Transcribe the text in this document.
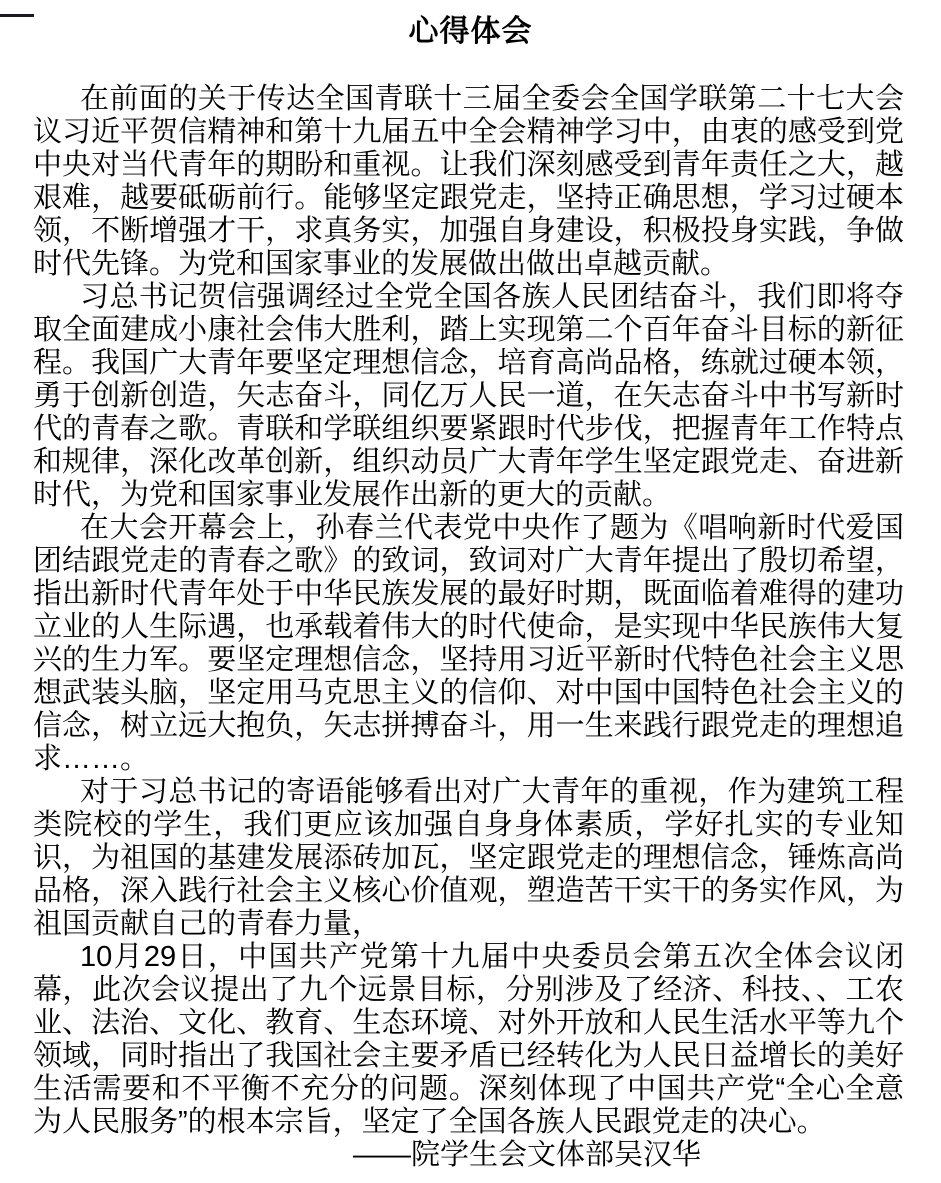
心得体会

在前面的关于传达全国青联十三届全委会全国学联第二十七大会议习近平贺信精神和第十九届五中全会精神学习中，由衷的感受到党中央对当代青年的期盼和重视。让我们深刻感受到青年责任之大，越艰难，越要砥砺前行。能够坚定跟党走，坚持正确思想，学习过硬本领，不断增强才干，求真务实，加强自身建设，积极投身实践，争做时代先锋。为党和国家事业的发展做出做出卓越贡献。

习总书记贺信强调经过全党全国各族人民团结奋斗，我们即将夺取全面建成小康社会伟大胜利，踏上实现第二个百年奋斗目标的新征程。我国广大青年要坚定理想信念，培育高尚品格，练就过硬本领，勇于创新创造，矢志奋斗，同亿万人民一道，在矢志奋斗中书写新时代的青春之歌。青联和学联组织要紧跟时代步伐，把握青年工作特点和规律，深化改革创新，组织动员广大青年学生坚定跟党走、奋进新时代，为党和国家事业发展作出新的更大的贡献。

在大会开幕会上，孙春兰代表党中央作了题为《唱响新时代爱国团结跟党走的青春之歌》的致词，致词对广大青年提出了殷切希望，指出新时代青年处于中华民族发展的最好时期，既面临着难得的建功立业的人生际遇，也承载着伟大的时代使命，是实现中华民族伟大复兴的生力军。要坚定理想信念，坚持用习近平新时代特色社会主义思想武装头脑，坚定用马克思主义的信仰、对中国中国特色社会主义的信念，树立远大抱负，矢志拼搏奋斗，用一生来践行跟党走的理想追求……。

对于习总书记的寄语能够看出对广大青年的重视，作为建筑工程类院校的学生，我们更应该加强自身身体素质，学好扎实的专业知识，为祖国的基建发展添砖加瓦，坚定跟党走的理想信念，锤炼高尚品格，深入践行社会主义核心价值观，塑造苦干实干的务实作风，为祖国贡献自己的青春力量，

10月29日，中国共产党第十九届中央委员会第五次全体会议闭幕，此次会议提出了九个远景目标，分别涉及了经济、科技、、工农业、法治、文化、教育、生态环境、对外开放和人民生活水平等九个领域，同时指出了我国社会主要矛盾已经转化为人民日益增长的美好生活需要和不平衡不充分的问题。深刻体现了中国共产党“全心全意为人民服务”的根本宗旨，坚定了全国各族人民跟党走的决心。

——院学生会文体部吴汉华
